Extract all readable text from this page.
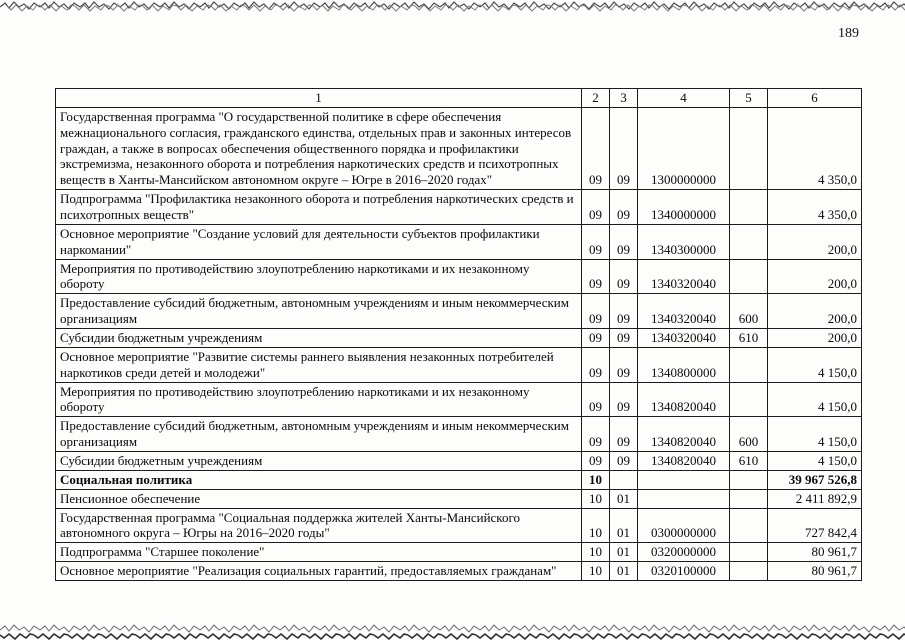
189
1	2	3	4	5	6
Государственная программа "О государственной политике в сфере обеспечения межнационального согласия, гражданского единства, отдельных прав и законных интересов граждан, а также в вопросах обеспечения общественного порядка и профилактики экстремизма, незаконного оборота и потребления наркотических средств и психотропных веществ в Ханты-Мансийском автономном округе – Югре в 2016–2020 годах"	09	09	1300000000		4 350,0
Подпрограмма "Профилактика незаконного оборота и потребления наркотических средств и психотропных веществ"	09	09	1340000000		4 350,0
Основное мероприятие "Создание условий для деятельности субъектов профилактики наркомании"	09	09	1340300000		200,0
Мероприятия по противодействию злоупотреблению наркотиками и их незаконному обороту	09	09	1340320040		200,0
Предоставление субсидий бюджетным, автономным учреждениям и иным некоммерческим организациям	09	09	1340320040	600	200,0
Субсидии бюджетным учреждениям	09	09	1340320040	610	200,0
Основное мероприятие "Развитие системы раннего выявления незаконных потребителей наркотиков среди детей и молодежи"	09	09	1340800000		4 150,0
Мероприятия по противодействию злоупотреблению наркотиками и их незаконному обороту	09	09	1340820040		4 150,0
Предоставление субсидий бюджетным, автономным учреждениям и иным некоммерческим организациям	09	09	1340820040	600	4 150,0
Субсидии бюджетным учреждениям	09	09	1340820040	610	4 150,0
Социальная политика	10				39 967 526,8
Пенсионное обеспечение	10	01			2 411 892,9
Государственная программа "Социальная поддержка жителей Ханты-Мансийского автономного округа – Югры на 2016–2020 годы"	10	01	0300000000		727 842,4
Подпрограмма "Старшее поколение"	10	01	0320000000		80 961,7
Основное мероприятие "Реализация социальных гарантий, предоставляемых гражданам"	10	01	0320100000		80 961,7
